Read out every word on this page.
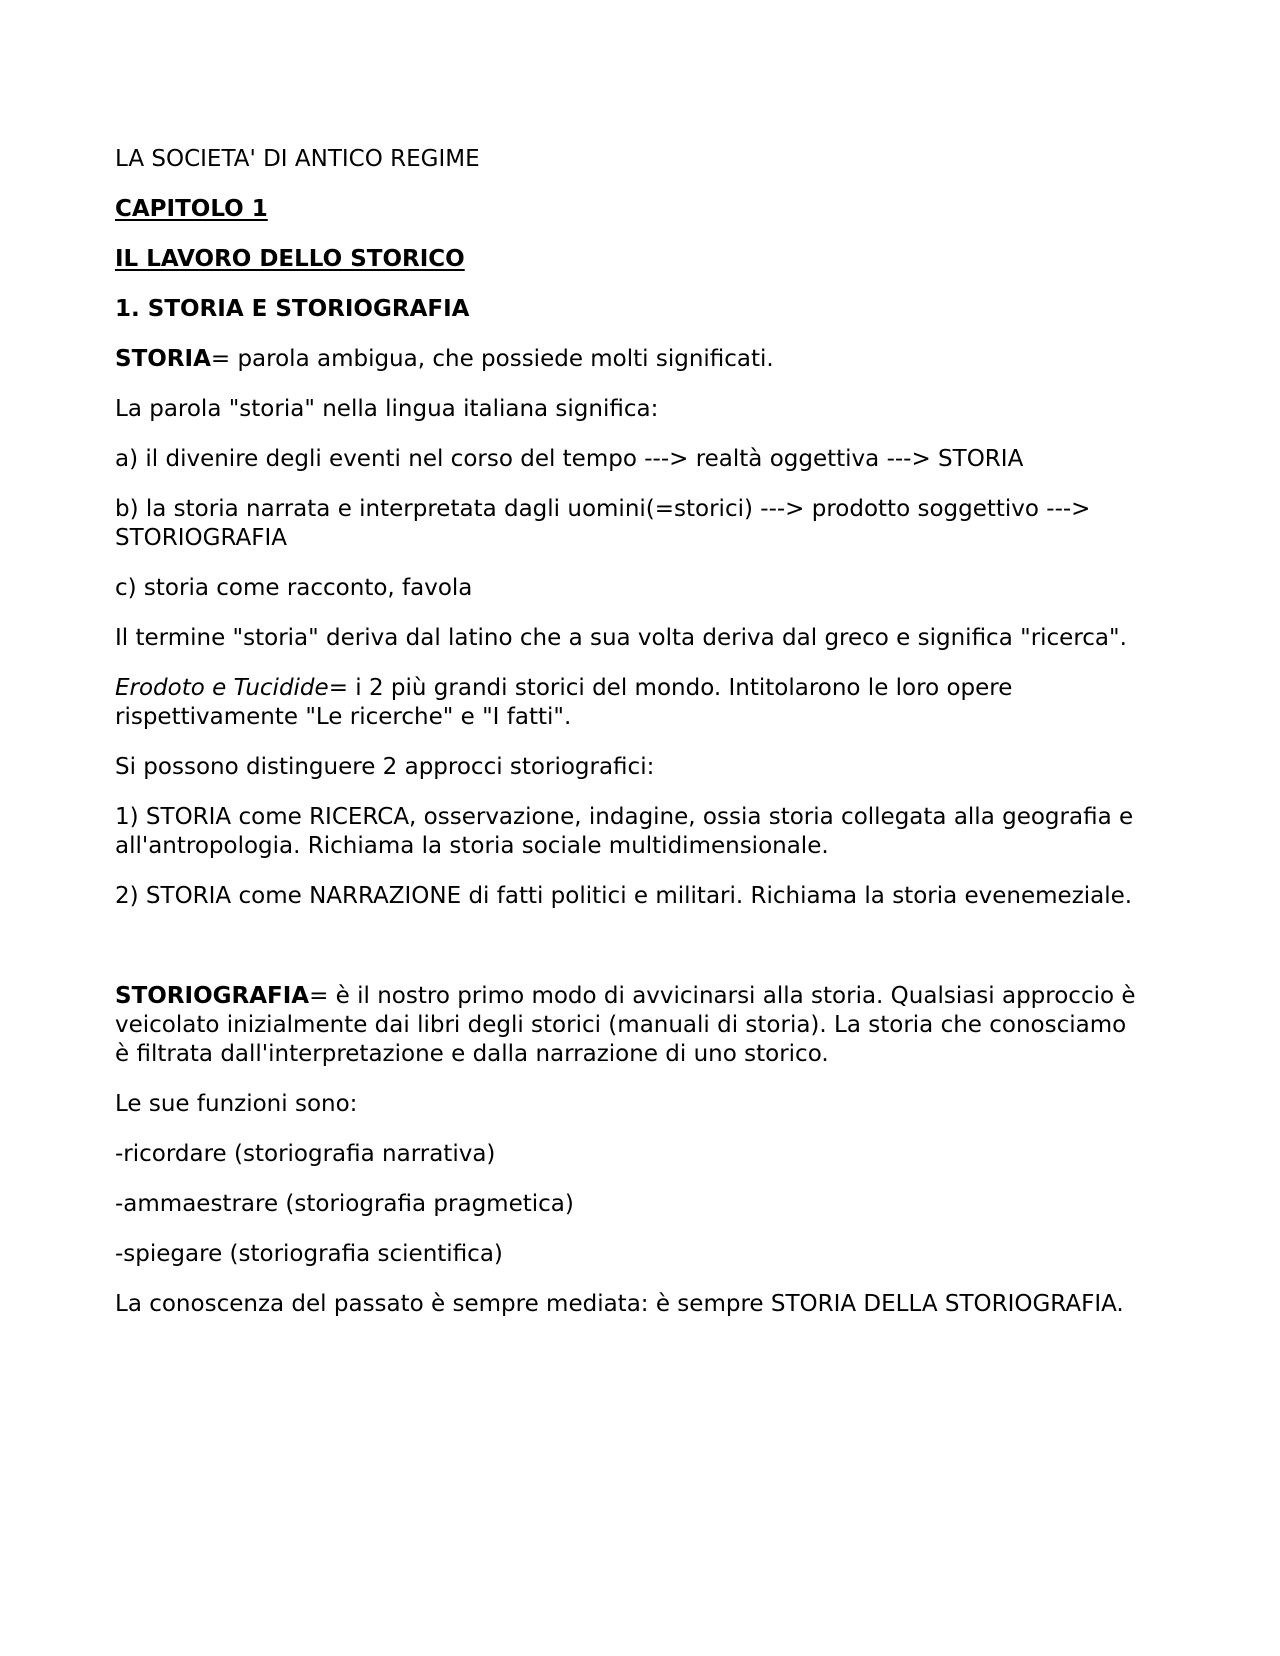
LA SOCIETA' DI ANTICO REGIME

CAPITOLO 1

IL LAVORO DELLO STORICO

1. STORIA E STORIOGRAFIA

STORIA= parola ambigua, che possiede molti significati.

La parola "storia" nella lingua italiana significa:

a) il divenire degli eventi nel corso del tempo ---> realtà oggettiva ---> STORIA

b) la storia narrata e interpretata dagli uomini(=storici) ---> prodotto soggettivo ---> STORIOGRAFIA

c) storia come racconto, favola

Il termine "storia" deriva dal latino che a sua volta deriva dal greco e significa "ricerca".

Erodoto e Tucidide= i 2 più grandi storici del mondo. Intitolarono le loro opere rispettivamente "Le ricerche" e "I fatti".

Si possono distinguere 2 approcci storiografici:

1) STORIA come RICERCA, osservazione, indagine, ossia storia collegata alla geografia e all'antropologia. Richiama la storia sociale multidimensionale.

2) STORIA come NARRAZIONE di fatti politici e militari. Richiama la storia evenemeziale.

STORIOGRAFIA= è il nostro primo modo di avvicinarsi alla storia. Qualsiasi approccio è veicolato inizialmente dai libri degli storici (manuali di storia). La storia che conosciamo è filtrata dall'interpretazione e dalla narrazione di uno storico.

Le sue funzioni sono:

-ricordare (storiografia narrativa)

-ammaestrare (storiografia pragmetica)

-spiegare (storiografia scientifica)

La conoscenza del passato è sempre mediata: è sempre STORIA DELLA STORIOGRAFIA.
